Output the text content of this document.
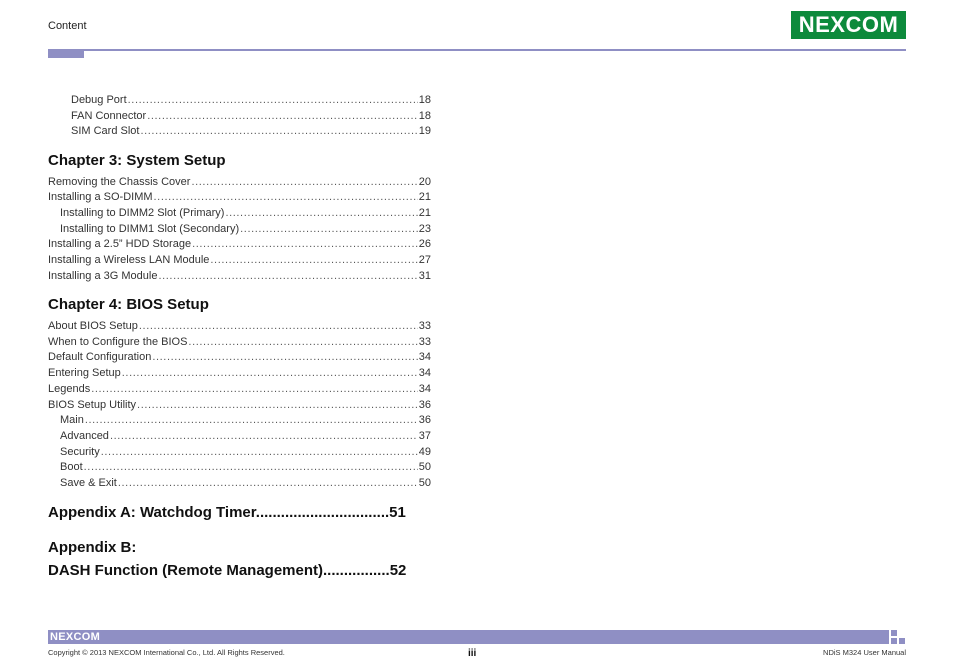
Content	NEXCOM
Debug Port .....	18
FAN Connector .....	18
SIM Card Slot .....	19
Chapter 3: System Setup
Removing the Chassis Cover .....	20
Installing a SO-DIMM .....	21
Installing to DIMM2 Slot (Primary) .....	21
Installing to DIMM1 Slot (Secondary) .....	23
Installing a 2.5” HDD Storage .....	26
Installing a Wireless LAN Module .....	27
Installing a 3G Module .....	31
Chapter 4: BIOS Setup
About BIOS Setup .....	33
When to Configure the BIOS .....	33
Default Configuration .....	34
Entering Setup .....	34
Legends .....	34
BIOS Setup Utility .....	36
Main .....	36
Advanced .....	37
Security .....	49
Boot .....	50
Save & Exit .....	50
Appendix A: Watchdog Timer................................51
Appendix B:
DASH Function (Remote Management)................52
NEXCOM
Copyright © 2013 NEXCOM International Co., Ltd. All Rights Reserved.	iii	NDiS M324 User Manual
